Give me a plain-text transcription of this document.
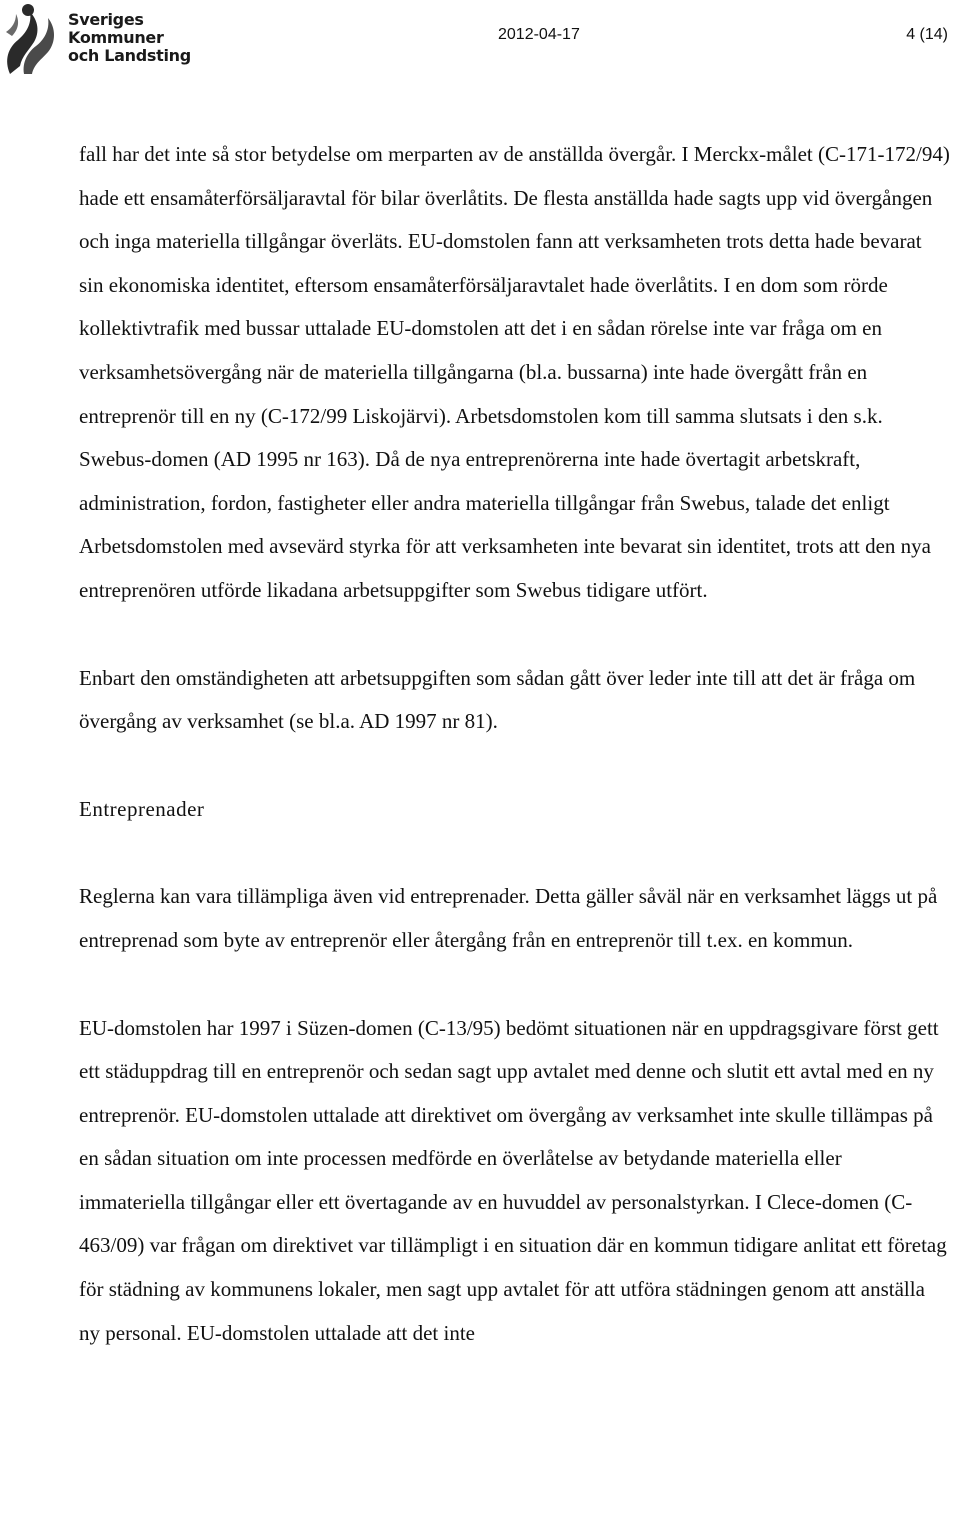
Sveriges
Kommuner
och Landsting
2012-04-17	4 (14)

fall har det inte så stor betydelse om merparten av de anställda övergår. I Merckx-målet (C-171-172/94) hade ett ensamåterförsäljaravtal för bilar överlåtits. De flesta anställda hade sagts upp vid övergången och inga materiella tillgångar överläts. EU-domstolen fann att verksamheten trots detta hade bevarat sin ekonomiska identitet, eftersom ensamåterförsäljaravtalet hade överlåtits. I en dom som rörde kollektivtrafik med bussar uttalade EU-domstolen att det i en sådan rörelse inte var fråga om en verksamhetsövergång när de materiella tillgångarna (bl.a. bussarna) inte hade övergått från en entreprenör till en ny (C-172/99 Liskojärvi). Arbetsdomstolen kom till samma slutsats i den s.k. Swebus-domen (AD 1995 nr 163). Då de nya entreprenörerna inte hade övertagit arbetskraft, administration, fordon, fastigheter eller andra materiella tillgångar från Swebus, talade det enligt Arbetsdomstolen med avsevärd styrka för att verksamheten inte bevarat sin identitet, trots att den nya entreprenören utförde likadana arbetsuppgifter som Swebus tidigare utfört.

Enbart den omständigheten att arbetsuppgiften som sådan gått över leder inte till att det är fråga om övergång av verksamhet (se bl.a. AD 1997 nr 81).

Entreprenader

Reglerna kan vara tillämpliga även vid entreprenader. Detta gäller såväl när en verksamhet läggs ut på entreprenad som byte av entreprenör eller återgång från en entreprenör till t.ex. en kommun.

EU-domstolen har 1997 i Süzen-domen (C-13/95) bedömt situationen när en uppdragsgivare först gett ett städuppdrag till en entreprenör och sedan sagt upp avtalet med denne och slutit ett avtal med en ny entreprenör. EU-domstolen uttalade att direktivet om övergång av verksamhet inte skulle tillämpas på en sådan situation om inte processen medförde en överlåtelse av betydande materiella eller immateriella tillgångar eller ett övertagande av en huvuddel av personalstyrkan. I Clece-domen (C-463/09) var frågan om direktivet var tillämpligt i en situation där en kommun tidigare anlitat ett företag för städning av kommunens lokaler, men sagt upp avtalet för att utföra städningen genom att anställa ny personal. EU-domstolen uttalade att det inte
